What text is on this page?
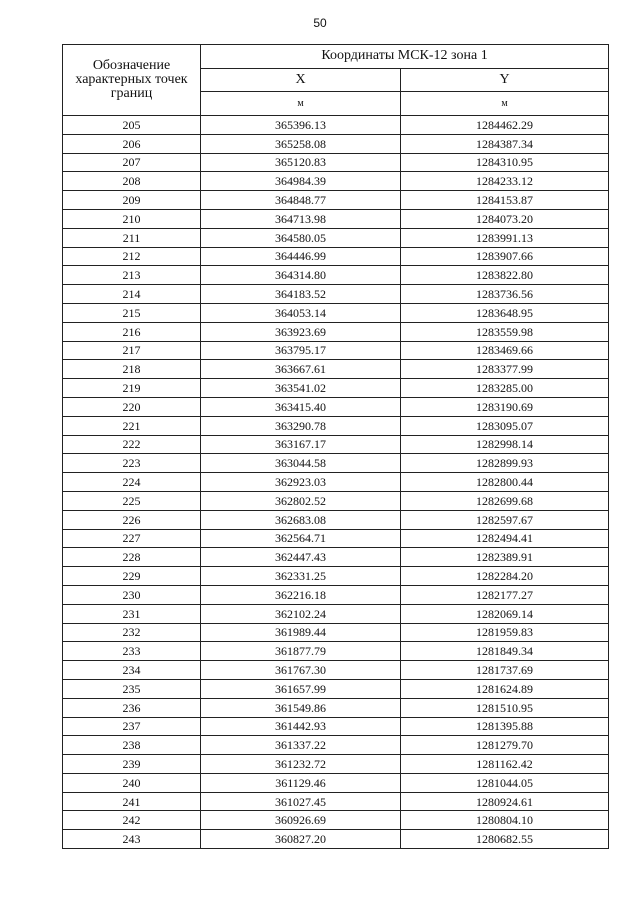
50
Обозначение характерных точек границ	Координаты МСК-12 зона 1	
	X	Y
	м	м
205	365396.13	1284462.29
206	365258.08	1284387.34
207	365120.83	1284310.95
208	364984.39	1284233.12
209	364848.77	1284153.87
210	364713.98	1284073.20
211	364580.05	1283991.13
212	364446.99	1283907.66
213	364314.80	1283822.80
214	364183.52	1283736.56
215	364053.14	1283648.95
216	363923.69	1283559.98
217	363795.17	1283469.66
218	363667.61	1283377.99
219	363541.02	1283285.00
220	363415.40	1283190.69
221	363290.78	1283095.07
222	363167.17	1282998.14
223	363044.58	1282899.93
224	362923.03	1282800.44
225	362802.52	1282699.68
226	362683.08	1282597.67
227	362564.71	1282494.41
228	362447.43	1282389.91
229	362331.25	1282284.20
230	362216.18	1282177.27
231	362102.24	1282069.14
232	361989.44	1281959.83
233	361877.79	1281849.34
234	361767.30	1281737.69
235	361657.99	1281624.89
236	361549.86	1281510.95
237	361442.93	1281395.88
238	361337.22	1281279.70
239	361232.72	1281162.42
240	361129.46	1281044.05
241	361027.45	1280924.61
242	360926.69	1280804.10
243	360827.20	1280682.55
